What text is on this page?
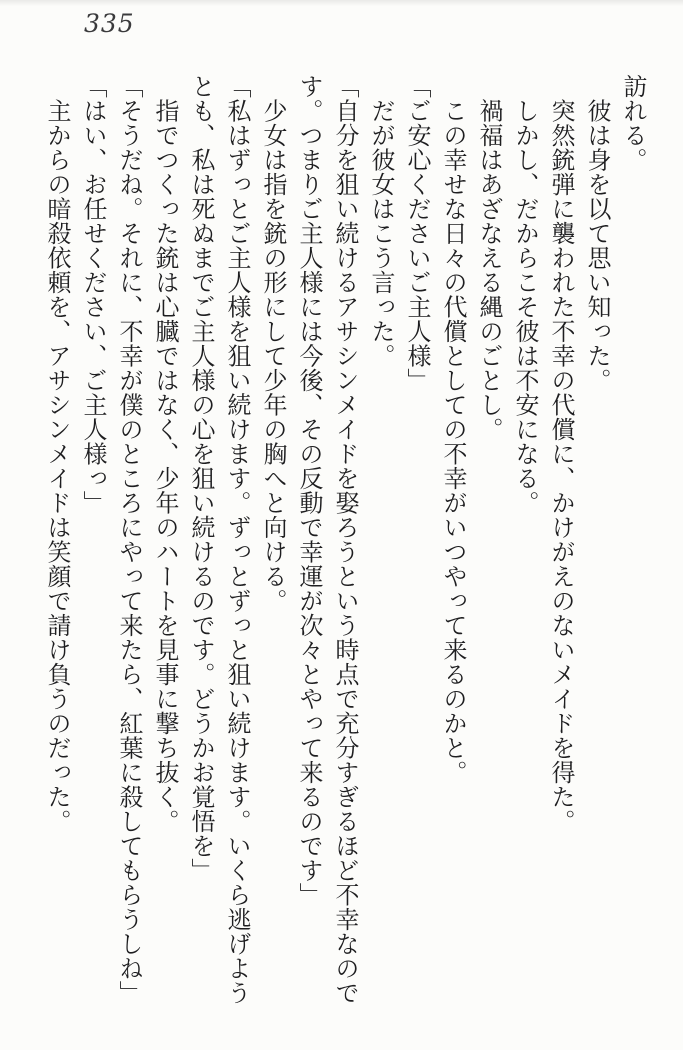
335

訪れる。

　彼は身を以て思い知った。

　突然銃弾に襲われた不幸の代償に、かけがえのないメイドを得た。

　しかし、だからこそ彼は不安になる。

　禍福はあざなえる縄のごとし。

　この幸せな日々の代償としての不幸がいつやって来るのかと。

「ご安心くださいご主人様」

　だが彼女はこう言った。

「自分を狙い続けるアサシンメイドを娶ろうという時点で充分すぎるほど不幸なので

す。つまりご主人様には今後、その反動で幸運が次々とやって来るのです」

　少女は指を銃の形にして少年の胸へと向ける。

「私はずっとご主人様を狙い続けます。ずっとずっと狙い続けます。いくら逃げよう

とも、私は死ぬまでご主人様の心を狙い続けるのです。どうかお覚悟を」

　指でつくった銃は心臓ではなく、少年のハートを見事に撃ち抜く。

「そうだね。それに、不幸が僕のところにやって来たら、紅葉に殺してもらうしね」

「はい、お任せください、ご主人様っ」

　主からの暗殺依頼を、アサシンメイドは笑顔で請け負うのだった。
